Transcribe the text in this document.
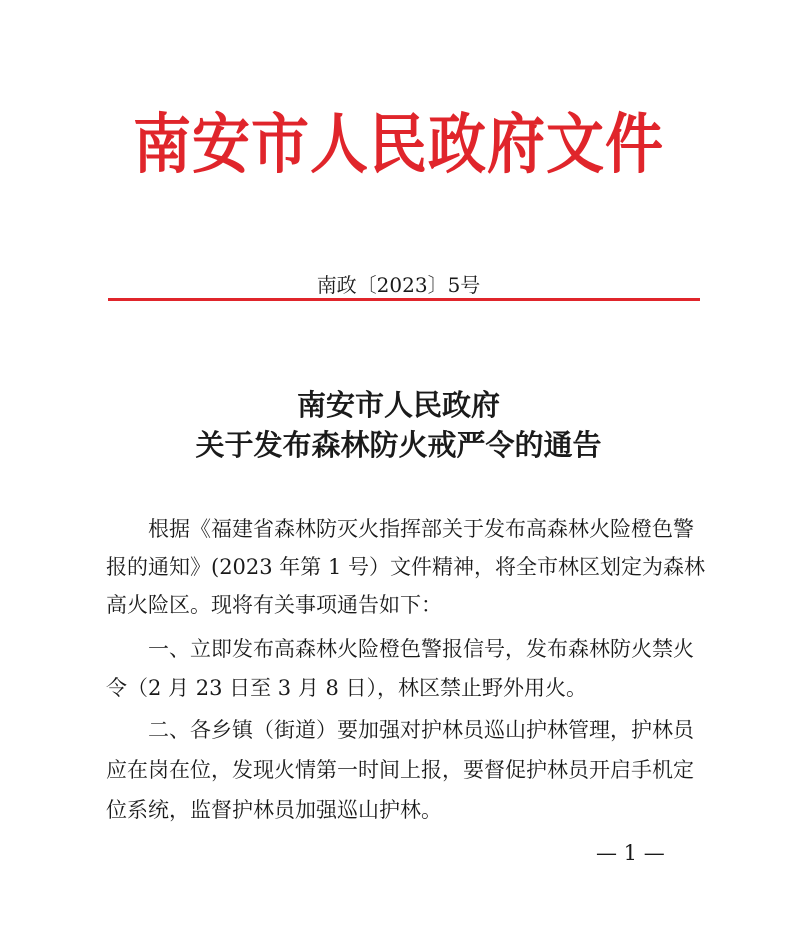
南安市人民政府文件
南政〔2023〕5号
南安市人民政府
关于发布森林防火戒严令的通告
根据《福建省森林防灭火指挥部关于发布高森林火险橙色警
报的通知》(2023 年第 1 号）文件精神，将全市林区划定为森林
高火险区。现将有关事项通告如下：
一、立即发布高森林火险橙色警报信号，发布森林防火禁火
令（2 月 23 日至 3 月 8 日），林区禁止野外用火。
二、各乡镇（街道）要加强对护林员巡山护林管理，护林员
应在岗在位，发现火情第一时间上报，要督促护林员开启手机定
位系统，监督护林员加强巡山护林。
— 1 —
